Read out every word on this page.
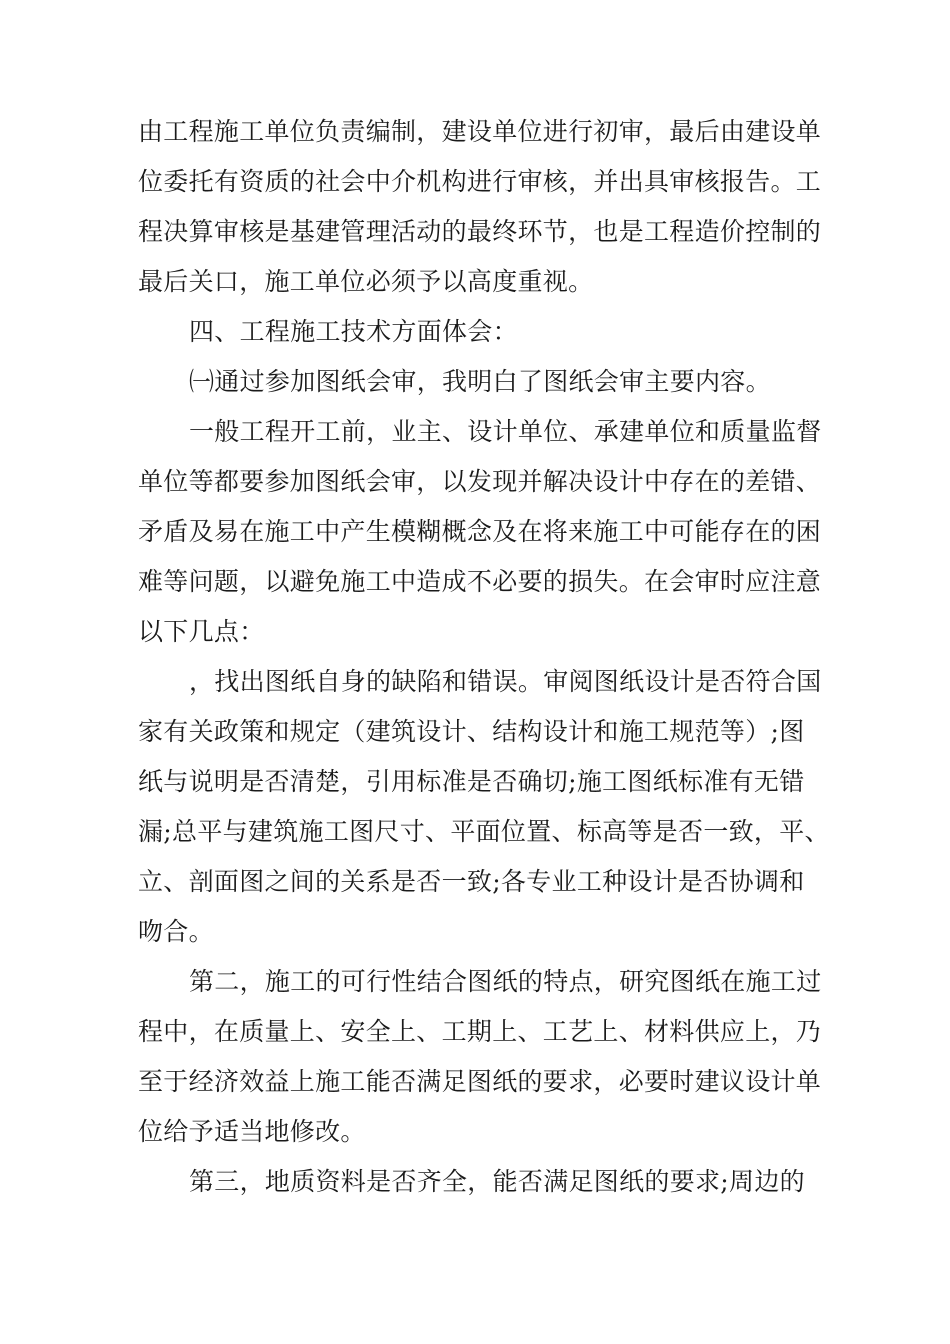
由工程施工单位负责编制，建设单位进行初审，最后由建设单
位委托有资质的社会中介机构进行审核，并出具审核报告。工
程决算审核是基建管理活动的最终环节，也是工程造价控制的
最后关口，施工单位必须予以高度重视。
四、工程施工技术方面体会：
㈠通过参加图纸会审，我明白了图纸会审主要内容。
一般工程开工前，业主、设计单位、承建单位和质量监督
单位等都要参加图纸会审，以发现并解决设计中存在的差错、
矛盾及易在施工中产生模糊概念及在将来施工中可能存在的困
难等问题，以避免施工中造成不必要的损失。在会审时应注意
以下几点：
，找出图纸自身的缺陷和错误。审阅图纸设计是否符合国
家有关政策和规定（建筑设计、结构设计和施工规范等）;图
纸与说明是否清楚，引用标准是否确切;施工图纸标准有无错
漏;总平与建筑施工图尺寸、平面位置、标高等是否一致，平、
立、剖面图之间的关系是否一致;各专业工种设计是否协调和
吻合。
第二，施工的可行性结合图纸的特点，研究图纸在施工过
程中，在质量上、安全上、工期上、工艺上、材料供应上，乃
至于经济效益上施工能否满足图纸的要求，必要时建议设计单
位给予适当地修改。
第三，地质资料是否齐全，能否满足图纸的要求;周边的
